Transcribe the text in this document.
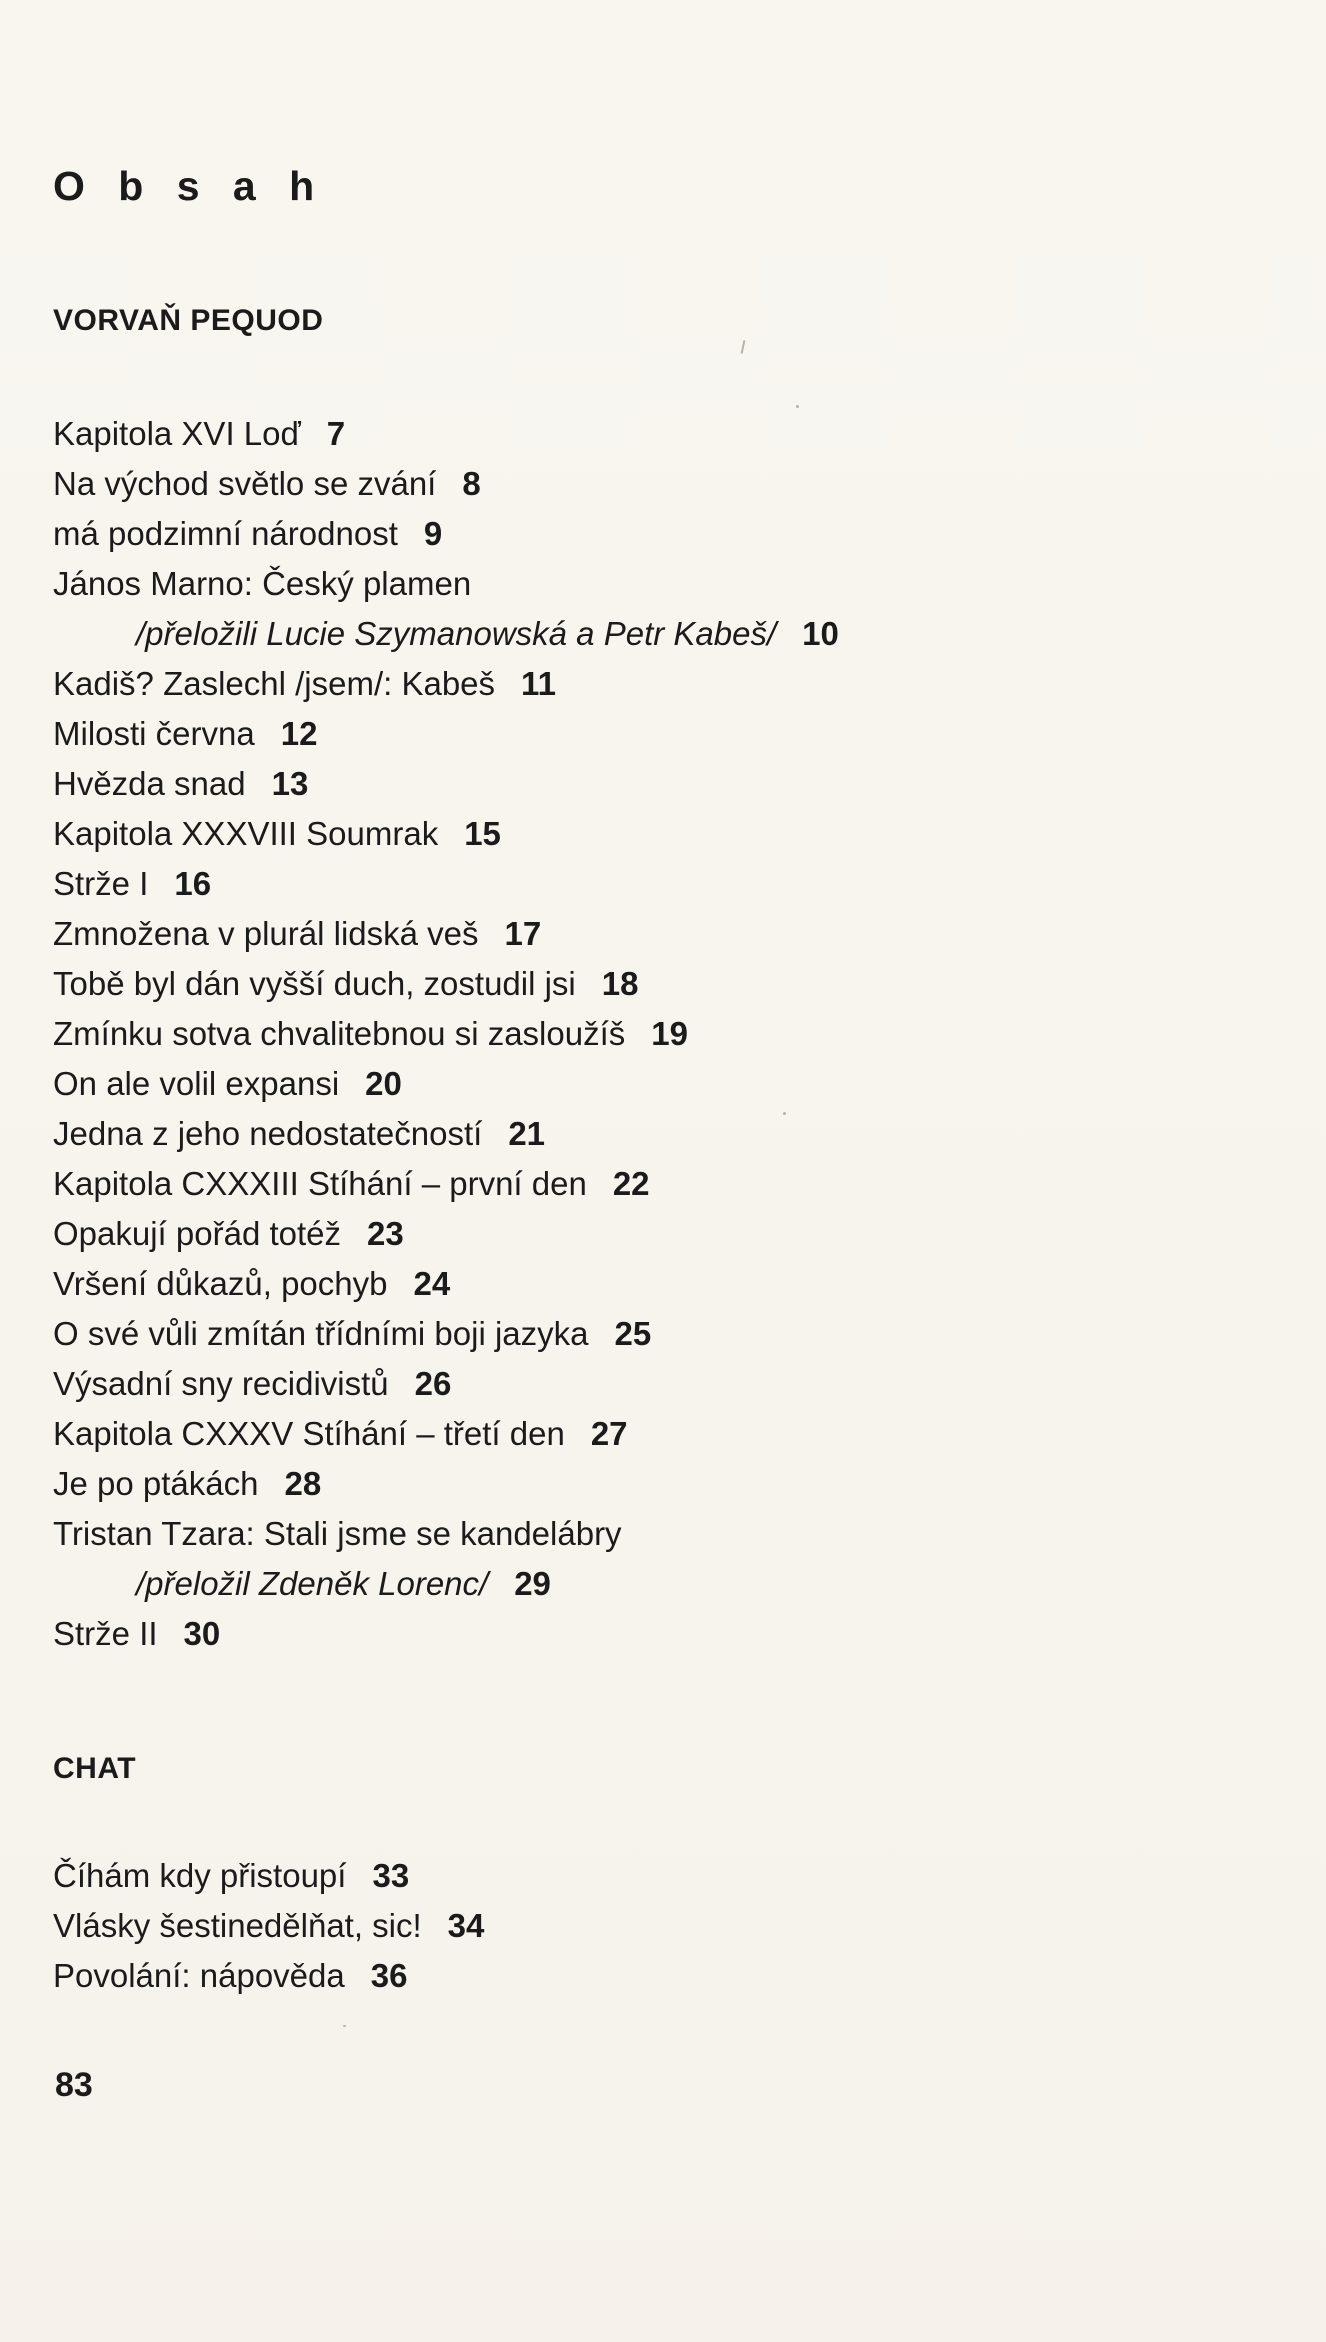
O b s a h
VORVAŇ PEQUOD
Kapitola XVI Loď 7
Na východ světlo se zvání 8
má podzimní národnost 9
János Marno: Český plamen
/přeložili Lucie Szymanowská a Petr Kabeš/ 10
Kadiš? Zaslechl /jsem/: Kabeš 11
Milosti června 12
Hvězda snad 13
Kapitola XXXVIII Soumrak 15
Strže I 16
Zmnožena v plurál lidská veš 17
Tobě byl dán vyšší duch, zostudil jsi 18
Zmínku sotva chvalitebnou si zasloužíš 19
On ale volil expansi 20
Jedna z jeho nedostatečností 21
Kapitola CXXXIII Stíhání – první den 22
Opakují pořád totéž 23
Vršení důkazů, pochyb 24
O své vůli zmítán třídními boji jazyka 25
Výsadní sny recidivistů 26
Kapitola CXXXV Stíhání – třetí den 27
Je po ptákách 28
Tristan Tzara: Stali jsme se kandelábry
/přeložil Zdeněk Lorenc/ 29
Strže II 30
CHAT
Číhám kdy přistoupí 33
Vlásky šestinedělňat, sic! 34
Povolání: nápověda 36
83
